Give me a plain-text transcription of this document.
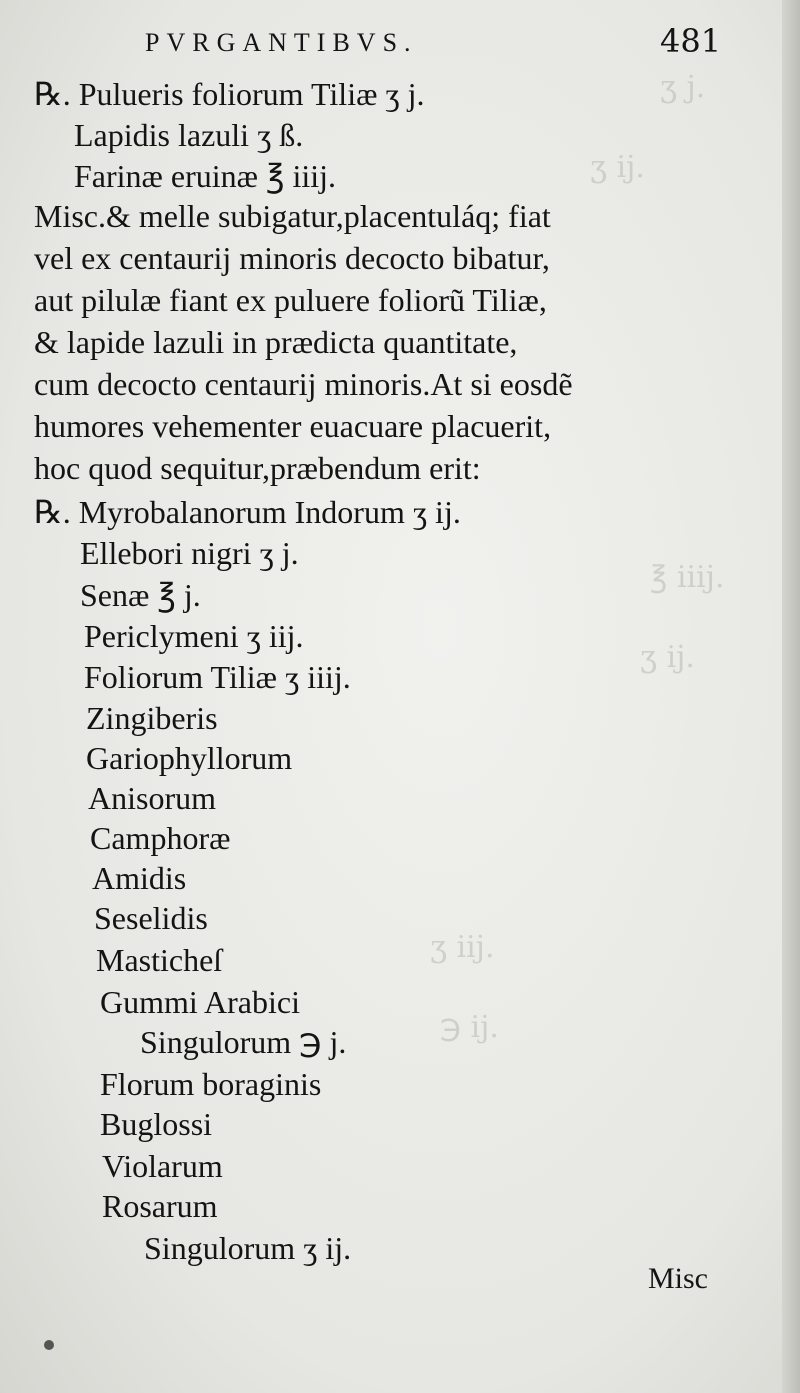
ʒ j.
ʒ ij.
℥ iiij.
ʒ ij.
ʒ iij.
℈ ij.
PVRGANTIBVS.	481
℞. Pulueris foliorum Tiliæ ʒ j.
Lapidis lazuli ʒ ß.
Farinæ eruinæ ℥ iiij.
Misc.& melle subigatur,placentuláq; fiat
vel ex centaurij minoris decocto bibatur,
aut pilulæ fiant ex puluere foliorũ Tiliæ,
& lapide lazuli in prædicta quantitate,
cum decocto centaurij minoris.At si eosdẽ
humores vehementer euacuare placuerit,
hoc quod sequitur,præbendum erit:
℞. Myrobalanorum Indorum ʒ ij.
Ellebori nigri ʒ j.
Senæ ℥ j.
Periclymeni ʒ iij.
Foliorum Tiliæ ʒ iiij.
Zingiberis
Gariophyllorum
Anisorum
Camphoræ
Amidis
Seselidis
Masticheſ
Gummi Arabici
Singulorum ℈ j.
Florum boraginis
Buglossi
Violarum
Rosarum
Singulorum ʒ ij.
Misc
